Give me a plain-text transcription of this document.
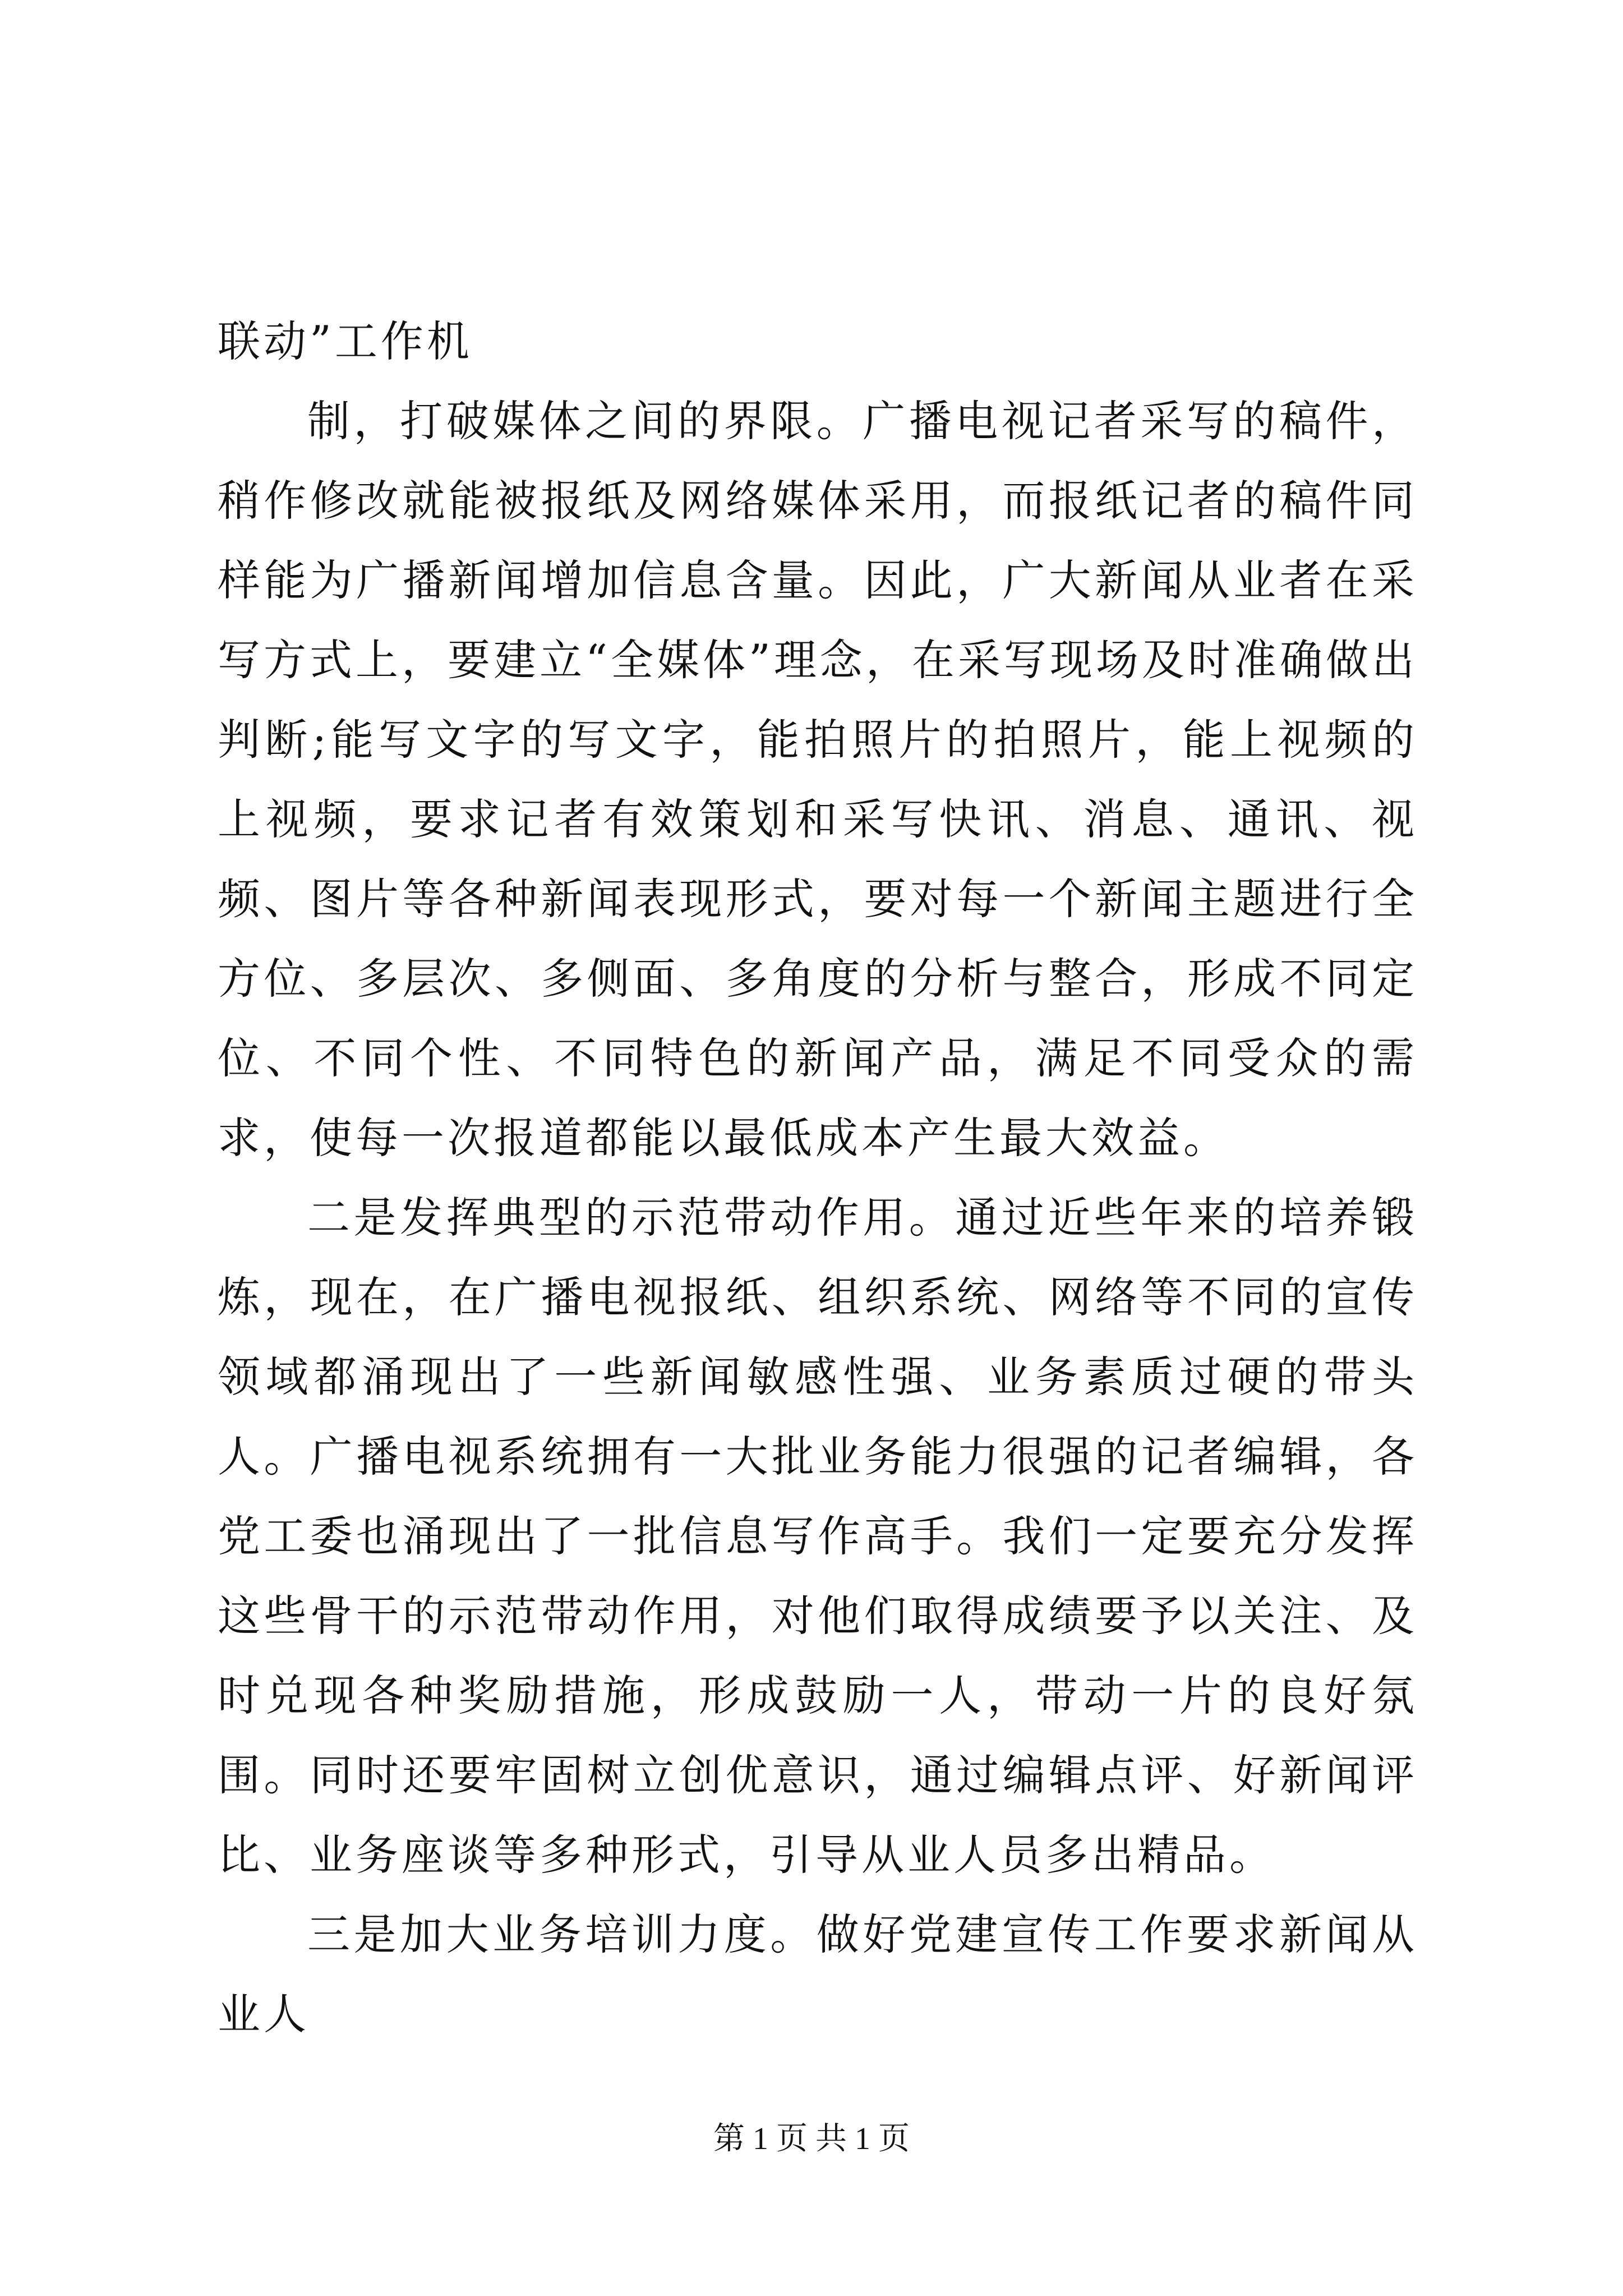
联动”工作机

制，打破媒体之间的界限。广播电视记者采写的稿件，稍作修改就能被报纸及网络媒体采用，而报纸记者的稿件同样能为广播新闻增加信息含量。因此，广大新闻从业者在采写方式上，要建立“全媒体”理念，在采写现场及时准确做出判断;能写文字的写文字，能拍照片的拍照片，能上视频的上视频，要求记者有效策划和采写快讯、消息、通讯、视频、图片等各种新闻表现形式，要对每一个新闻主题进行全方位、多层次、多侧面、多角度的分析与整合，形成不同定位、不同个性、不同特色的新闻产品，满足不同受众的需求，使每一次报道都能以最低成本产生最大效益。

二是发挥典型的示范带动作用。通过近些年来的培养锻炼，现在，在广播电视报纸、组织系统、网络等不同的宣传领域都涌现出了一些新闻敏感性强、业务素质过硬的带头人。广播电视系统拥有一大批业务能力很强的记者编辑，各党工委也涌现出了一批信息写作高手。我们一定要充分发挥这些骨干的示范带动作用，对他们取得成绩要予以关注、及时兑现各种奖励措施，形成鼓励一人，带动一片的良好氛围。同时还要牢固树立创优意识，通过编辑点评、好新闻评比、业务座谈等多种形式，引导从业人员多出精品。

三是加大业务培训力度。做好党建宣传工作要求新闻从业人

第 1 页 共 1 页
